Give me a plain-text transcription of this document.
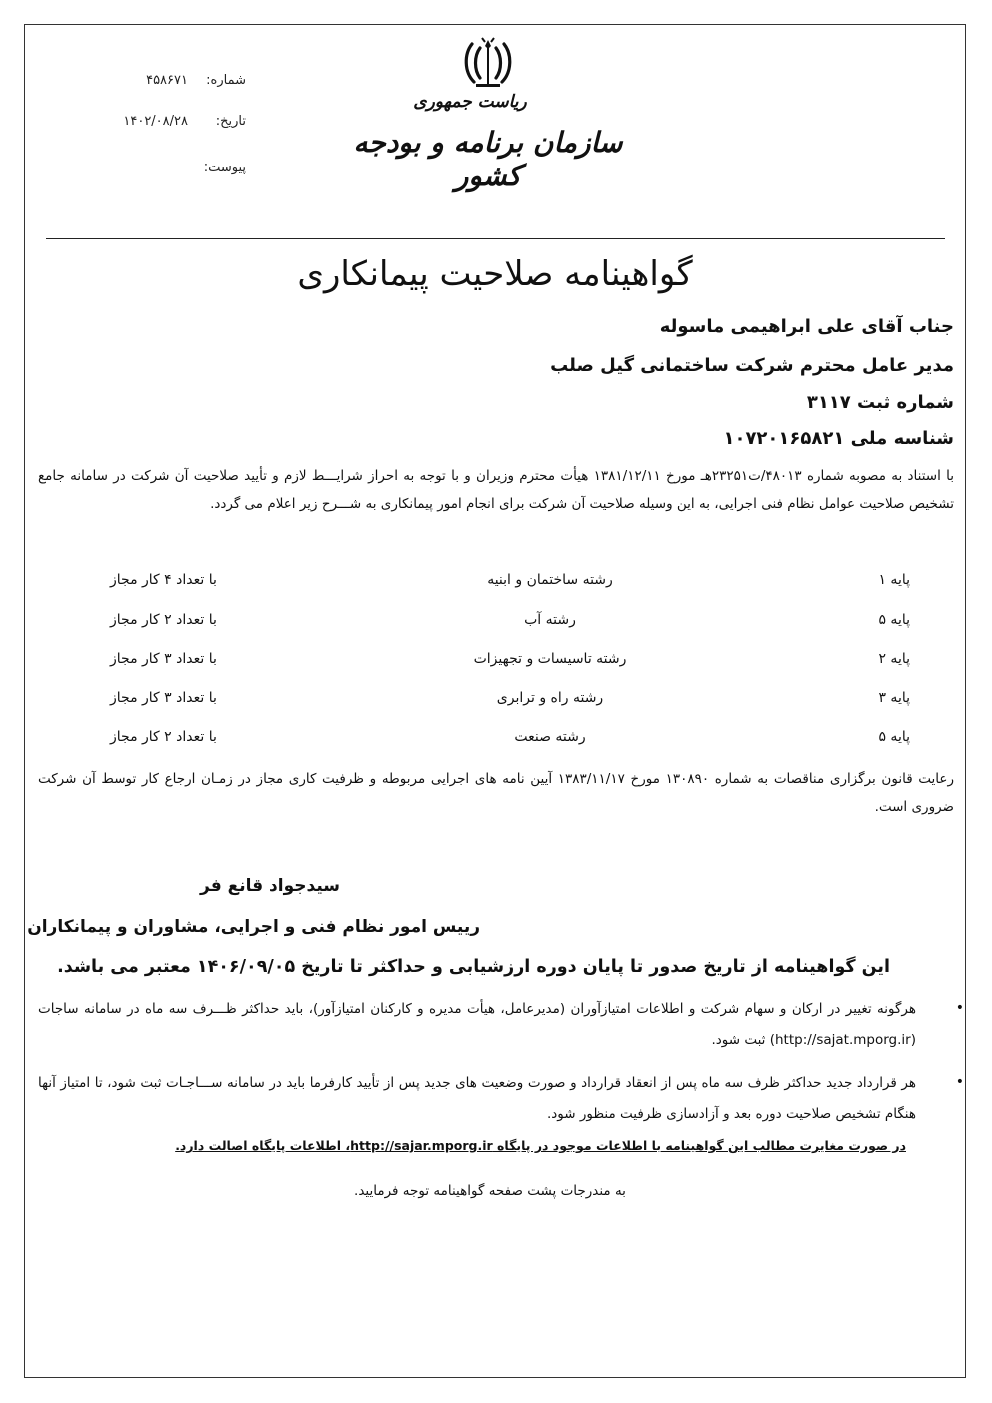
ریاست جمهوری
سازمان برنامه و بودجه کشور
شماره:
۴۵۸۶۷۱
تاریخ:
۱۴۰۲/۰۸/۲۸
پیوست:
گواهینامه صلاحیت پیمانکاری
جناب آقای علی ابراهیمی ماسوله
مدیر عامل محترم شرکت ساختمانی گیل صلب
شماره ثبت ۳۱۱۷
شناسه ملی ۱۰۷۲۰۱۶۵۸۲۱
با استناد به مصوبه شماره ۴۸۰۱۳/ت۲۳۲۵۱هـ مورخ ۱۳۸۱/۱۲/۱۱ هیأت محترم وزیران و با توجه به احراز شرایـــط لازم و تأیید صلاحیت آن شرکت در سامانه جامع تشخیص صلاحیت عوامل نظام فنی اجرایی، به این وسیله صلاحیت آن شرکت برای انجام امور پیمانکاری به شـــرح زیر اعلام می گردد.
پایه ۱
رشته ساختمان و ابنیه
با تعداد ۴ کار مجاز
پایه ۵
رشته آب
با تعداد ۲ کار مجاز
پایه ۲
رشته تاسیسات و تجهیزات
با تعداد ۳ کار مجاز
پایه ۳
رشته راه و ترابری
با تعداد ۳ کار مجاز
پایه ۵
رشته صنعت
با تعداد ۲ کار مجاز
رعایت قانون برگزاری مناقصات به شماره ۱۳۰۸۹۰ مورخ ۱۳۸۳/۱۱/۱۷ آیین نامه های اجرایی مربوطه و ظرفیت کاری مجاز در زمـان ارجاع کار توسط آن شرکت ضروری است.
سیدجواد قانع فر
رییس امور نظام فنی و اجرایی، مشاوران و پیمانکاران
این گواهینامه از تاریخ صدور تا پایان دوره ارزشیابی و حداکثر تا تاریخ ۱۴۰۶/۰۹/۰۵ معتبر می باشد.
•
هرگونه تغییر در ارکان و سهام شرکت و اطلاعات امتیازآوران (مدیرعامل، هیأت مدیره و کارکنان امتیازآور)، باید حداکثر ظـــرف سه ماه در سامانه ساجات (http://sajat.mporg.ir) ثبت شود.
•
هر قرارداد جدید حداکثر ظرف سه ماه پس از انعقاد قرارداد و صورت وضعیت های جدید پس از تأیید کارفرما باید در سامانه ســـاجـات ثبت شود، تا امتیاز آنها هنگام تشخیص صلاحیت دوره بعد و آزادسازی ظرفیت منظور شود.
در صورت مغایرت مطالب این گواهینامه با اطلاعات موجود در پایگاه http://sajar.mporg.ir، اطلاعات پایگاه اصالت دارد.
به مندرجات پشت صفحه گواهینامه توجه فرمایید.
